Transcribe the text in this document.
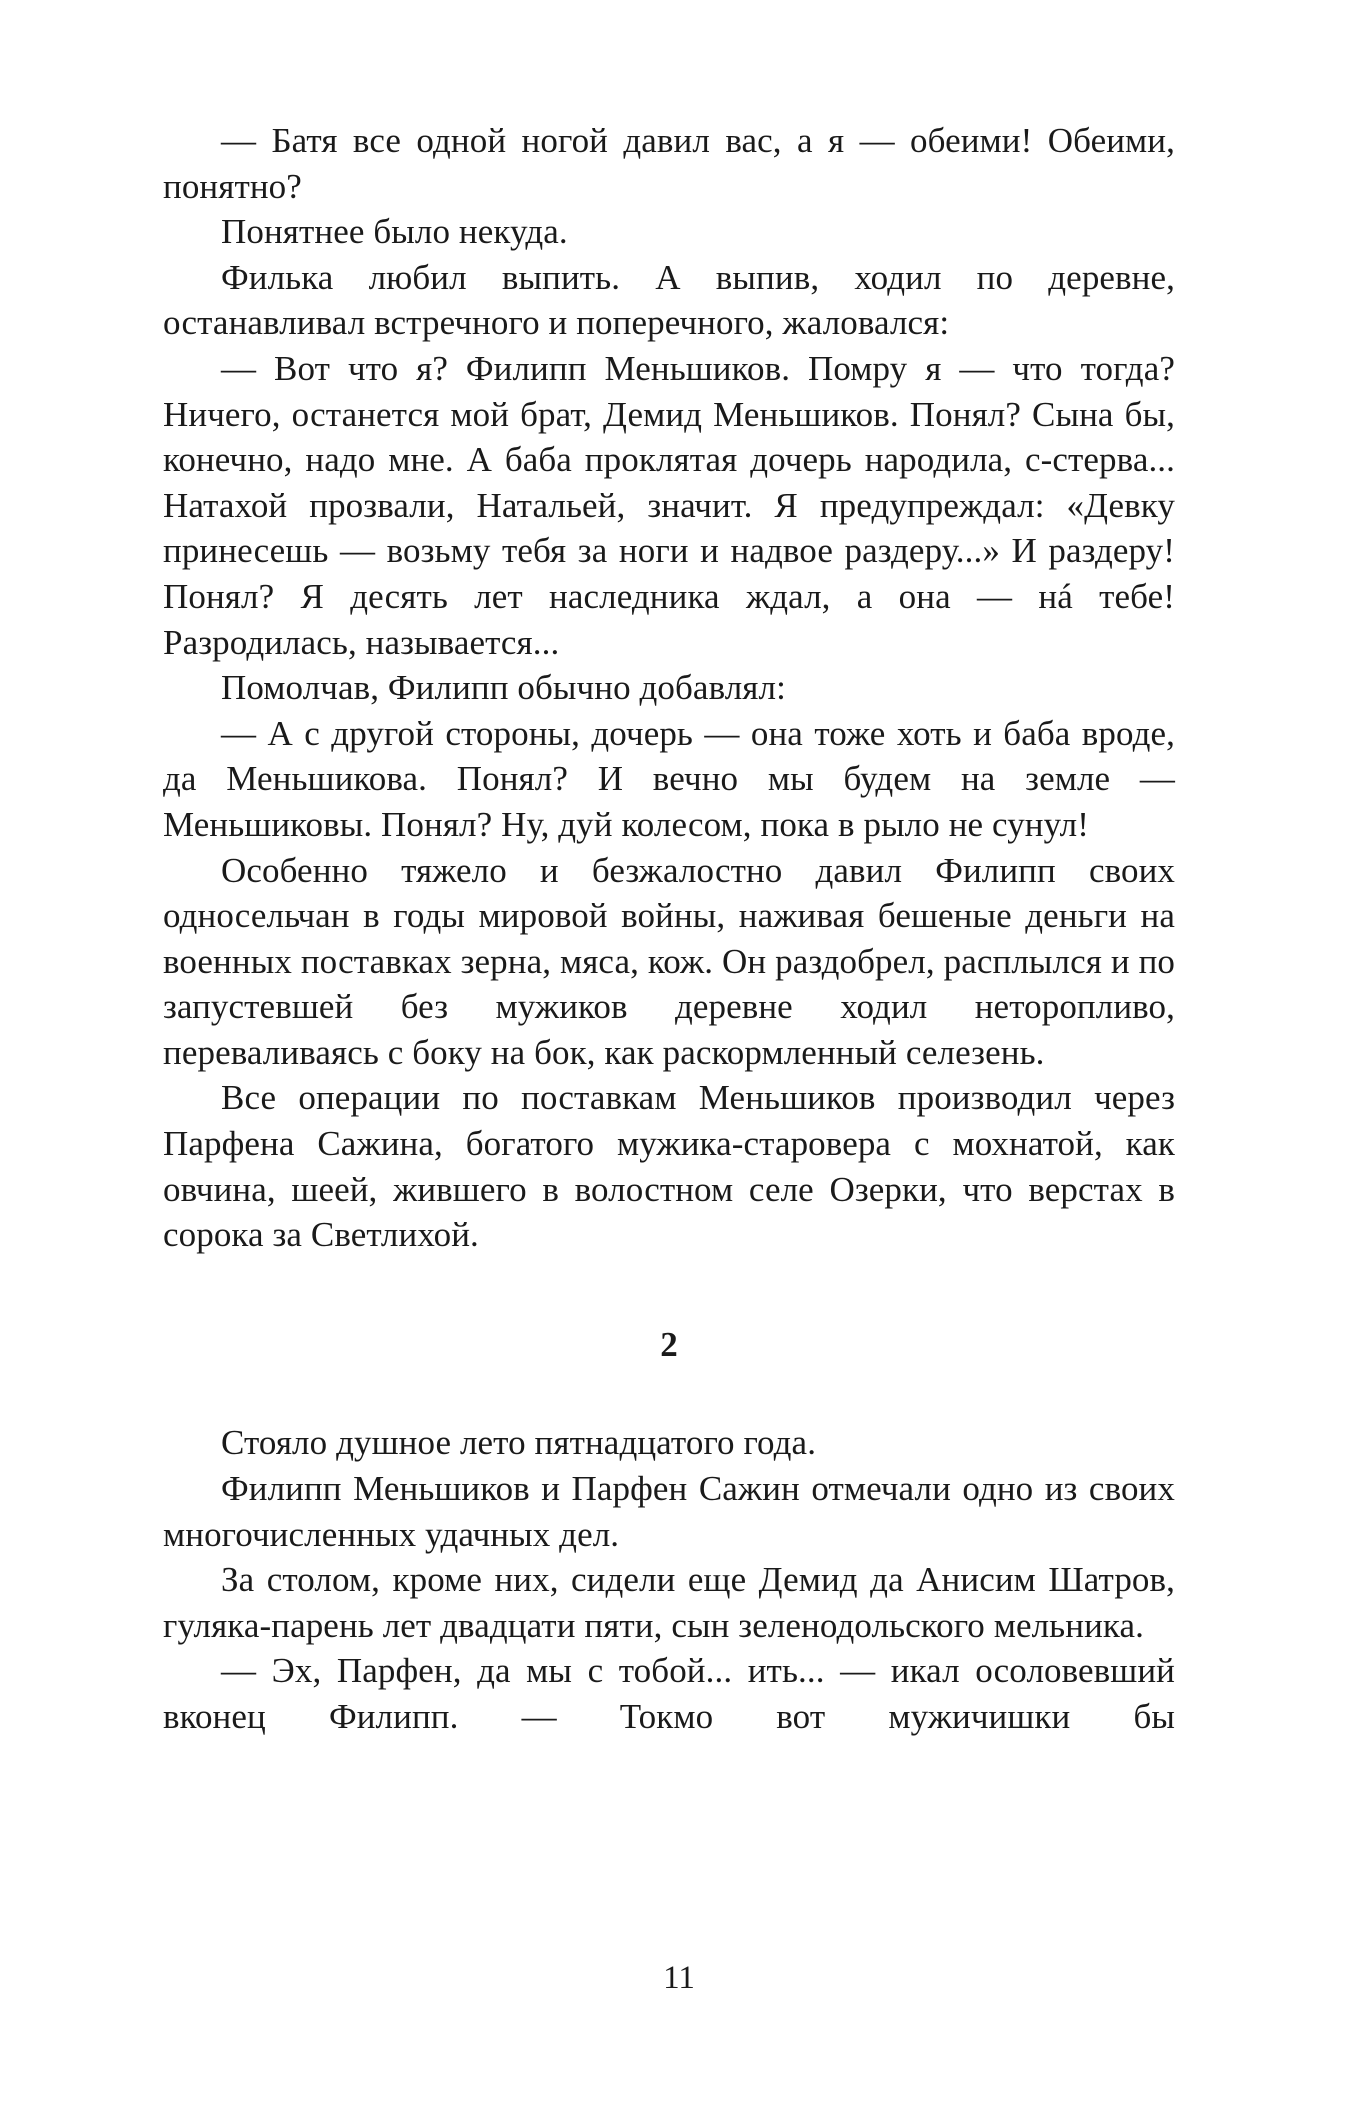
— Батя все одной ногой давил вас, а я — обеими! Обеими, понятно?

Понятнее было некуда.

Филька любил выпить. А выпив, ходил по деревне, останавливал встречного и поперечного, жаловался:

— Вот что я? Филипп Меньшиков. Помру я — что тогда? Ничего, останется мой брат, Демид Меньшиков. Понял? Сына бы, конечно, надо мне. А баба проклятая дочерь народила, с-стерва... Натахой прозвали, Натальей, значит. Я предупреждал: «Девку принесешь — возьму тебя за ноги и надвое раздеру...» И раздеру! Понял? Я десять лет наследника ждал, а она — нá тебе! Разродилась, называется...

Помолчав, Филипп обычно добавлял:

— А с другой стороны, дочерь — она тоже хоть и баба вроде, да Меньшикова. Понял? И вечно мы будем на земле — Меньшиковы. Понял? Ну, дуй колесом, пока в рыло не сунул!

Особенно тяжело и безжалостно давил Филипп своих односельчан в годы мировой войны, наживая бешеные деньги на военных поставках зерна, мяса, кож. Он раздобрел, расплылся и по запустевшей без мужиков деревне ходил неторопливо, переваливаясь с боку на бок, как раскормленный селезень.

Все операции по поставкам Меньшиков производил через Парфена Сажина, богатого мужика-старовера с мохнатой, как овчина, шеей, жившего в волостном селе Озерки, что верстах в сорока за Светлихой.

2

Стояло душное лето пятнадцатого года.

Филипп Меньшиков и Парфен Сажин отмечали одно из своих многочисленных удачных дел.

За столом, кроме них, сидели еще Демид да Анисим Шатров, гуляка-парень лет двадцати пяти, сын зеленодольского мельника.

— Эх, Парфен, да мы с тобой... ить... — икал осоловевший вконец Филипп. — Токмо вот мужичишки бы

11
